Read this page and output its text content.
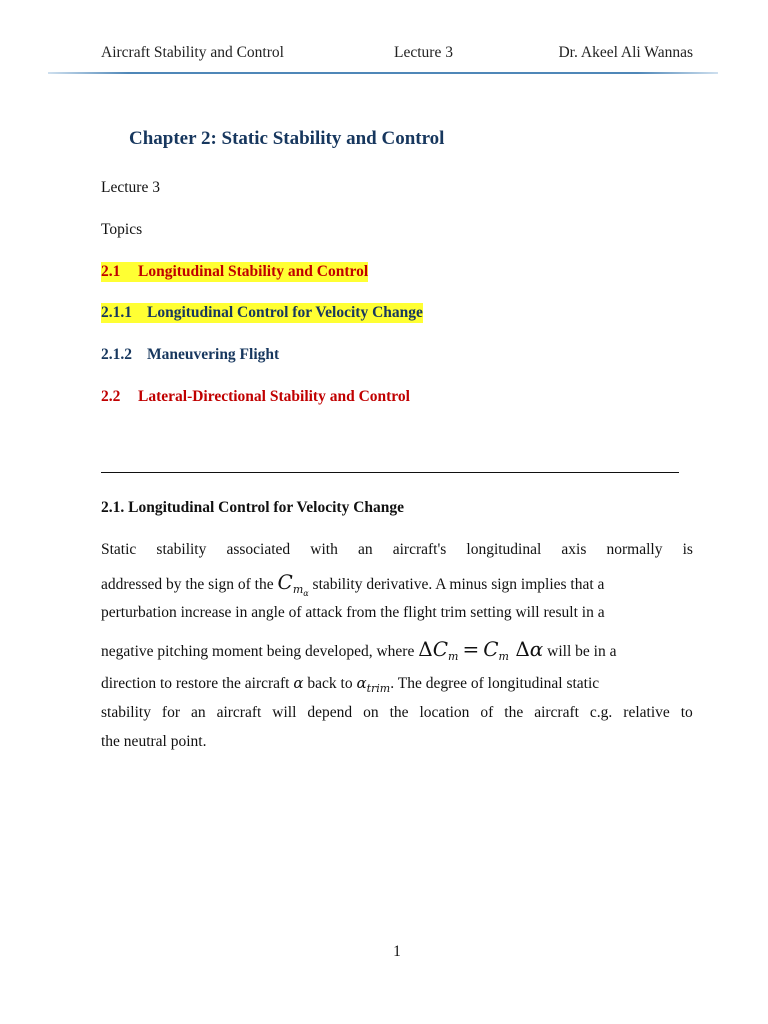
Aircraft Stability and Control	Lecture 3	Dr. Akeel Ali Wannas
Chapter 2: Static Stability and Control
Lecture 3
Topics
2.1 Longitudinal Stability and Control
2.1.1 Longitudinal Control for Velocity Change
2.1.2 Maneuvering Flight
2.2 Lateral-Directional Stability and Control
2.1. Longitudinal Control for Velocity Change
Static stability associated with an aircraft's longitudinal axis normally is
addressed by the sign of the $C_{m_\alpha}$ stability derivative. A minus sign implies that a
perturbation increase in angle of attack from the flight trim setting will result in a
negative pitching moment being developed, where $\Delta C_m = C_m$ Δα will be in a
direction to restore the aircraft α back to $\alpha_{trim}$. The degree of longitudinal static
stability for an aircraft will depend on the location of the aircraft c.g. relative to
the neutral point.
1
